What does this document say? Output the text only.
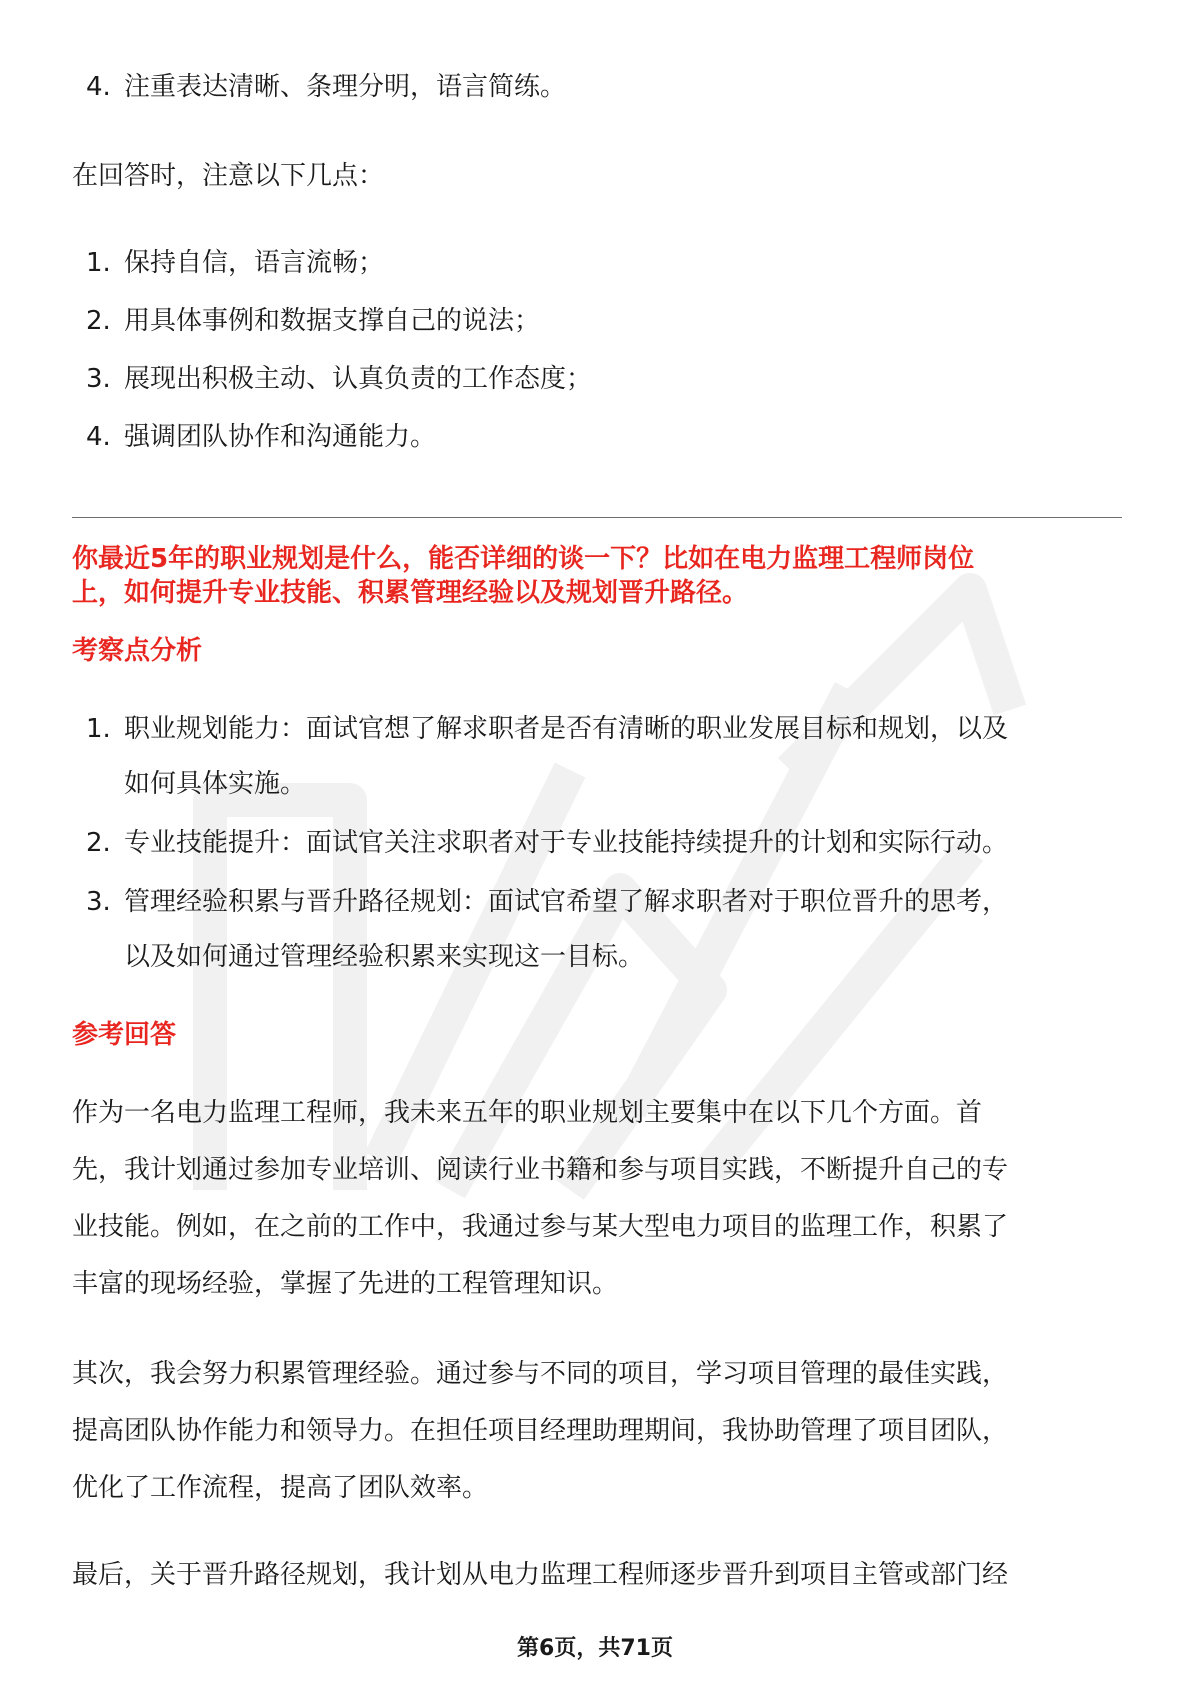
4. 注重表达清晰、条理分明，语言简练。
在回答时，注意以下几点：
1. 保持自信，语言流畅；
2. 用具体事例和数据支撑自己的说法；
3. 展现出积极主动、认真负责的工作态度；
4. 强调团队协作和沟通能力。
你最近5年的职业规划是什么，能否详细的谈一下？比如在电力监理工程师岗位
上，如何提升专业技能、积累管理经验以及规划晋升路径。
考察点分析
1. 职业规划能力：面试官想了解求职者是否有清晰的职业发展目标和规划，以及
如何具体实施。
2. 专业技能提升：面试官关注求职者对于专业技能持续提升的计划和实际行动。
3. 管理经验积累与晋升路径规划：面试官希望了解求职者对于职位晋升的思考，
以及如何通过管理经验积累来实现这一目标。
参考回答
作为一名电力监理工程师，我未来五年的职业规划主要集中在以下几个方面。首
先，我计划通过参加专业培训、阅读行业书籍和参与项目实践，不断提升自己的专
业技能。例如，在之前的工作中，我通过参与某大型电力项目的监理工作，积累了
丰富的现场经验，掌握了先进的工程管理知识。
其次，我会努力积累管理经验。通过参与不同的项目，学习项目管理的最佳实践，
提高团队协作能力和领导力。在担任项目经理助理期间，我协助管理了项目团队，
优化了工作流程，提高了团队效率。
最后，关于晋升路径规划，我计划从电力监理工程师逐步晋升到项目主管或部门经
第6页，共71页
